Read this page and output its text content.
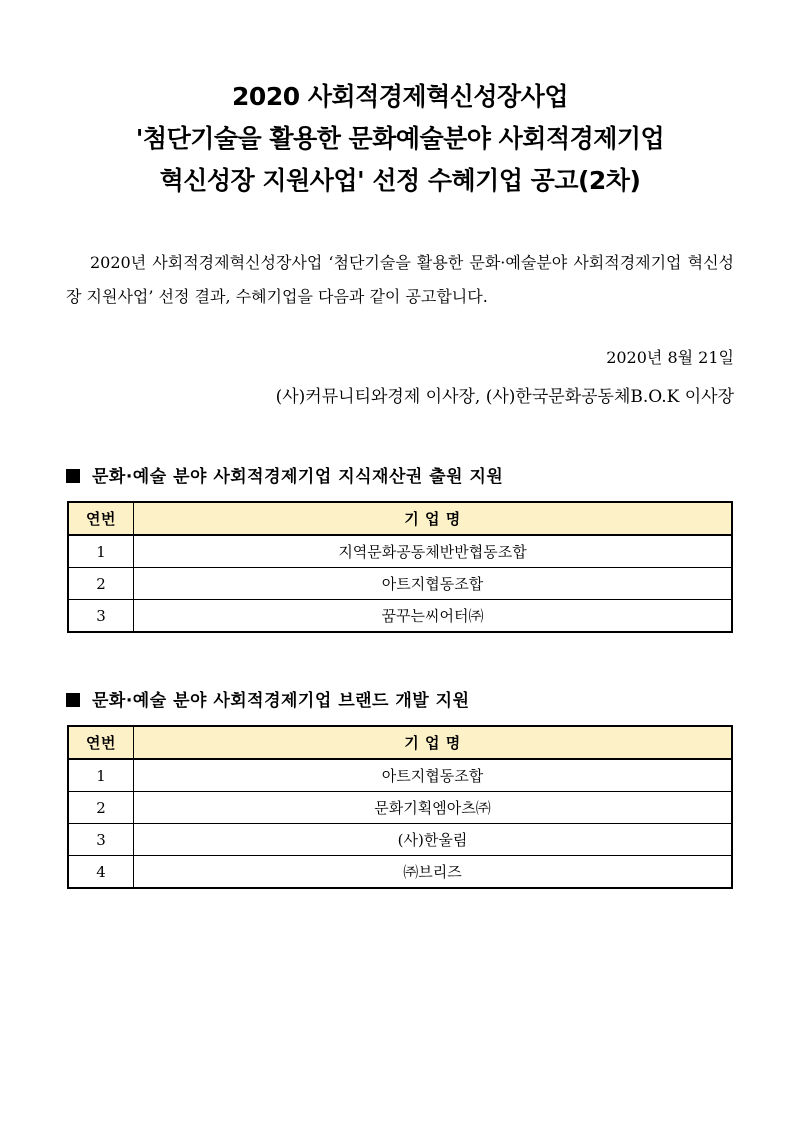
2020 사회적경제혁신성장사업
'첨단기술을 활용한 문화예술분야 사회적경제기업
혁신성장 지원사업' 선정 수혜기업 공고(2차)
2020년 사회적경제혁신성장사업 ‘첨단기술을 활용한 문화·예술분야 사회적경제기업 혁신성장 지원사업’ 선정 결과, 수혜기업을 다음과 같이 공고합니다.
2020년 8월 21일
(사)커뮤니티와경제 이사장, (사)한국문화공동체B.O.K 이사장
문화·예술 분야 사회적경제기업 지식재산권 출원 지원
연번	기 업 명
1	지역문화공동체반반협동조합
2	아트지협동조합
3	꿈꾸는씨어터㈜
문화·예술 분야 사회적경제기업 브랜드 개발 지원
연번	기 업 명
1	아트지협동조합
2	문화기획엠아츠㈜
3	(사)한울림
4	㈜브리즈
